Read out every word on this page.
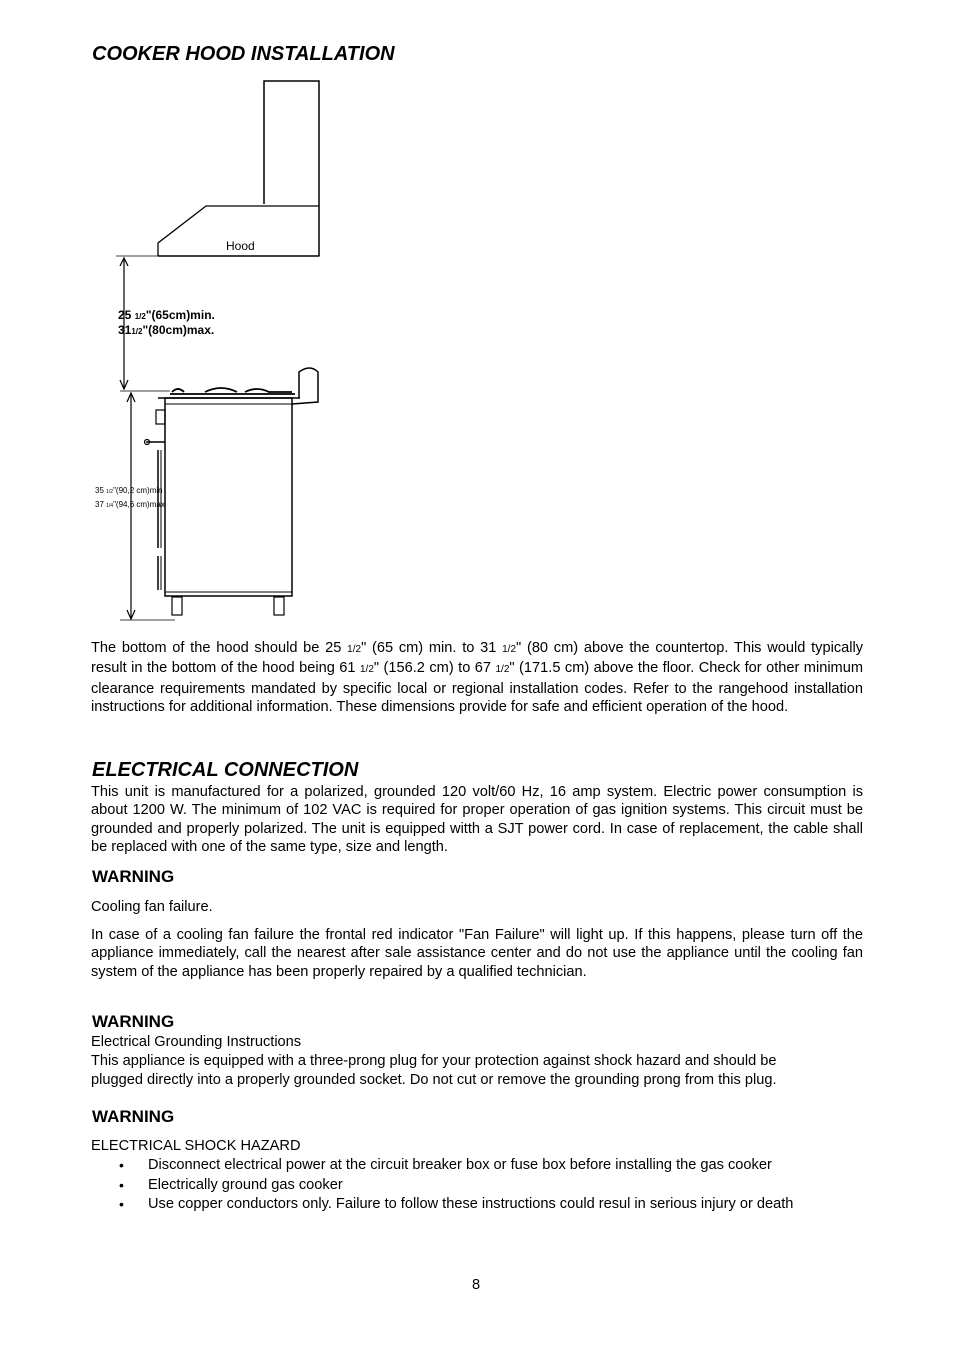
COOKER HOOD INSTALLATION
Hood
25 1/2"(65cm)min.
311/2"(80cm)max.
35 1/2"(90,2 cm)min
37 1/4"(94,6 cm)max
The bottom of the hood should be 25 1/2" (65 cm) min. to 31 1/2" (80 cm) above the countertop. This would typically result in the bottom of the hood being 61 1/2" (156.2 cm) to 67 1/2" (171.5 cm) above the floor. Check for other minimum clearance requirements mandated by specific local or regional installation codes. Refer to the rangehood installation instructions for additional information. These dimensions provide for safe and efficient operation of the hood.
ELECTRICAL CONNECTION
This unit is manufactured for a polarized, grounded 120 volt/60 Hz, 16 amp system. Electric power consumption is about 1200 W. The minimum of 102 VAC is required for proper operation of gas ignition systems. This circuit must be grounded and properly polarized. The unit is equipped witth a SJT power cord. In case of replacement, the cable shall be replaced with one of the same type, size and length.
WARNING
Cooling fan failure.
In case of a cooling fan failure the frontal red indicator "Fan Failure" will light up. If this happens, please turn off the appliance immediately, call the nearest after sale assistance center and do not use the appliance until the cooling fan system of the appliance has been properly repaired by a qualified technician.
WARNING
Electrical Grounding Instructions
This appliance is equipped with a three-prong plug for your protection against shock hazard and should be
plugged directly into a properly grounded socket. Do not cut or remove the grounding prong from this plug.
WARNING
ELECTRICAL SHOCK HAZARD
• Disconnect electrical power at the circuit breaker box or fuse box before installing the gas cooker
• Electrically ground gas cooker
• Use copper conductors only. Failure to follow these instructions could resul in serious injury or death
8
